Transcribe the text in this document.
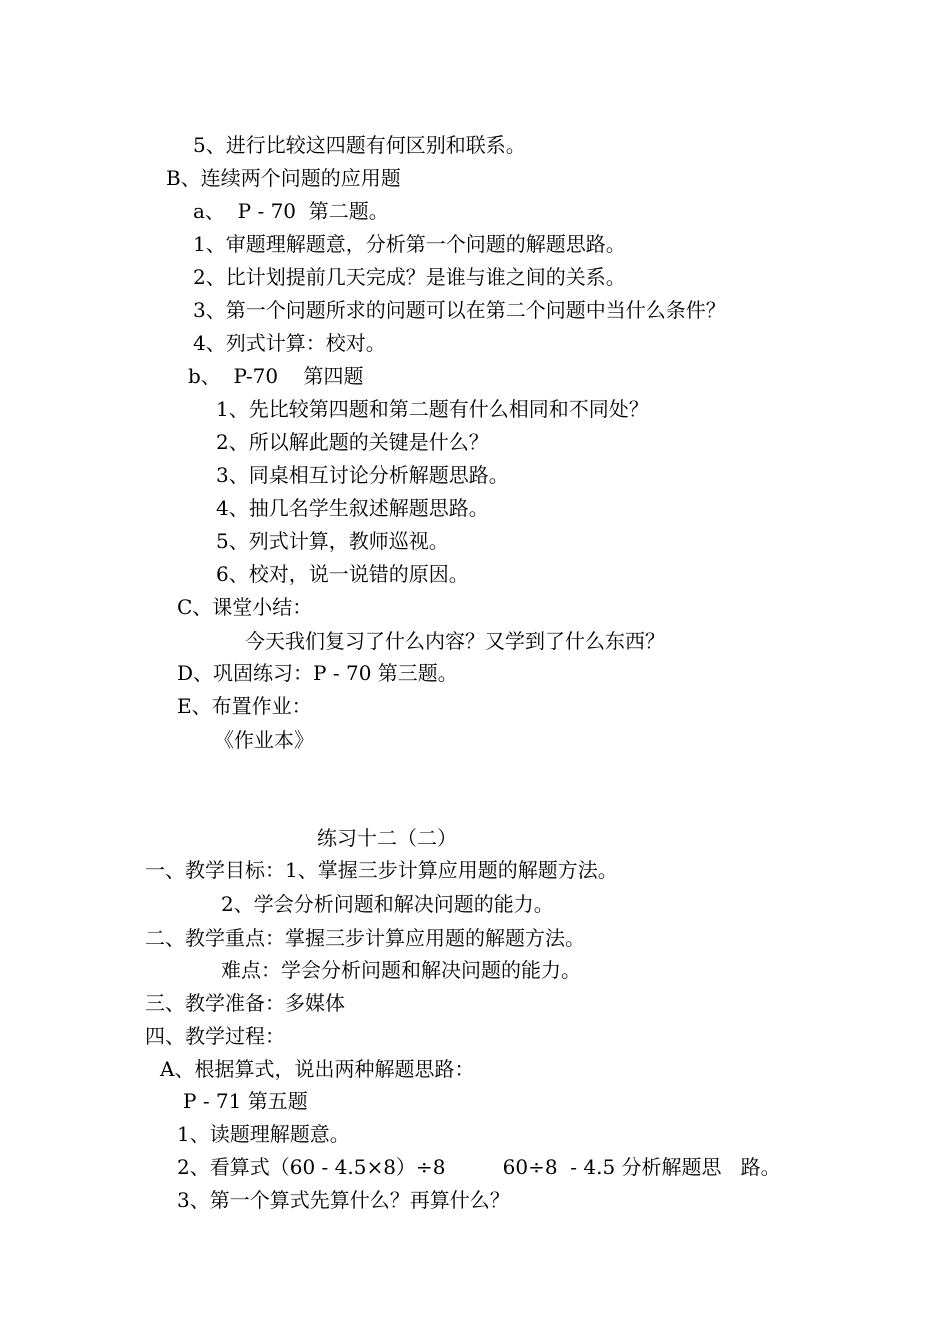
5、进行比较这四题有何区别和联系。
B、连续两个问题的应用题
a、  P - 70  第二题。
1、审题理解题意，分析第一个问题的解题思路。
2、比计划提前几天完成？是谁与谁之间的关系。
3、第一个问题所求的问题可以在第二个问题中当什么条件？
4、列式计算：校对。
b、  P-70    第四题
1、先比较第四题和第二题有什么相同和不同处？
2、所以解此题的关键是什么？
3、同桌相互讨论分析解题思路。
4、抽几名学生叙述解题思路。
5、列式计算，教师巡视。
6、校对，说一说错的原因。
C、课堂小结：
今天我们复习了什么内容？又学到了什么东西？
D、巩固练习：P - 70 第三题。
E、布置作业：
《作业本》
练习十二（二）
一、教学目标：1、掌握三步计算应用题的解题方法。
2、学会分析问题和解决问题的能力。
二、教学重点：掌握三步计算应用题的解题方法。
难点：学会分析问题和解决问题的能力。
三、教学准备：多媒体
四、教学过程：
A、根据算式，说出两种解题思路：
P - 71 第五题
1、读题理解题意。
2、看算式（60 - 4.5×8）÷8         60÷8  - 4.5 分析解题思   路。
3、第一个算式先算什么？再算什么？
